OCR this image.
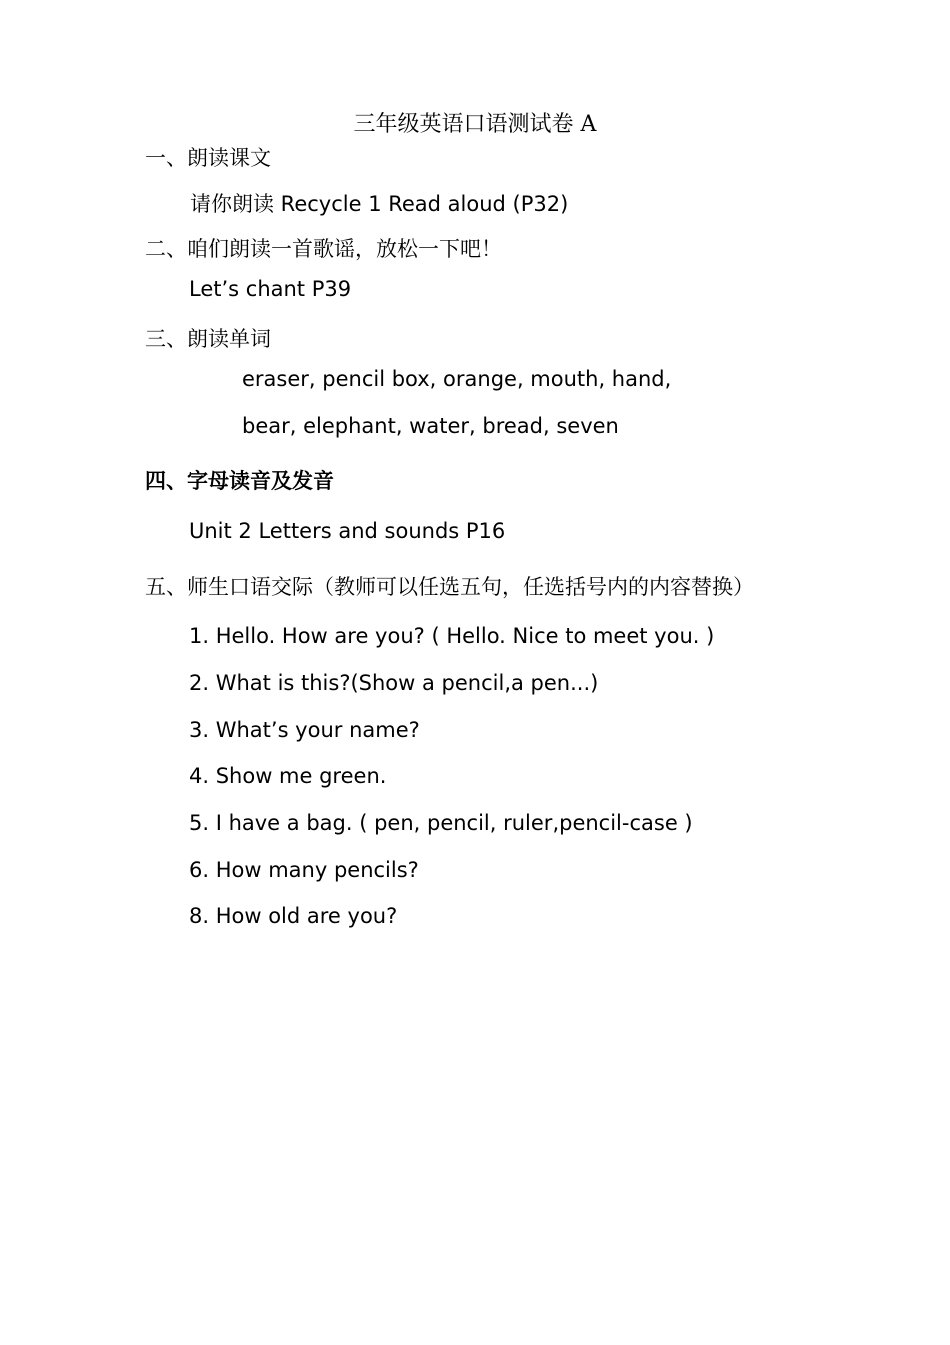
三年级英语口语测试卷 A
一、朗读课文
请你朗读 Recycle 1 Read aloud (P32)
二、咱们朗读一首歌谣，放松一下吧！
Let’s chant P39
三、朗读单词
eraser, pencil box, orange, mouth, hand,
bear, elephant, water, bread, seven
四、字母读音及发音
Unit 2 Letters and sounds P16
五、师生口语交际（教师可以任选五句，任选括号内的内容替换）
1. Hello. How are you? ( Hello. Nice to meet you. )
2. What is this?(Show a pencil,a pen...)
3. What’s your name?
4. Show me green.
5. I have a bag. ( pen, pencil, ruler,pencil-case )
6. How many pencils?
8. How old are you?
